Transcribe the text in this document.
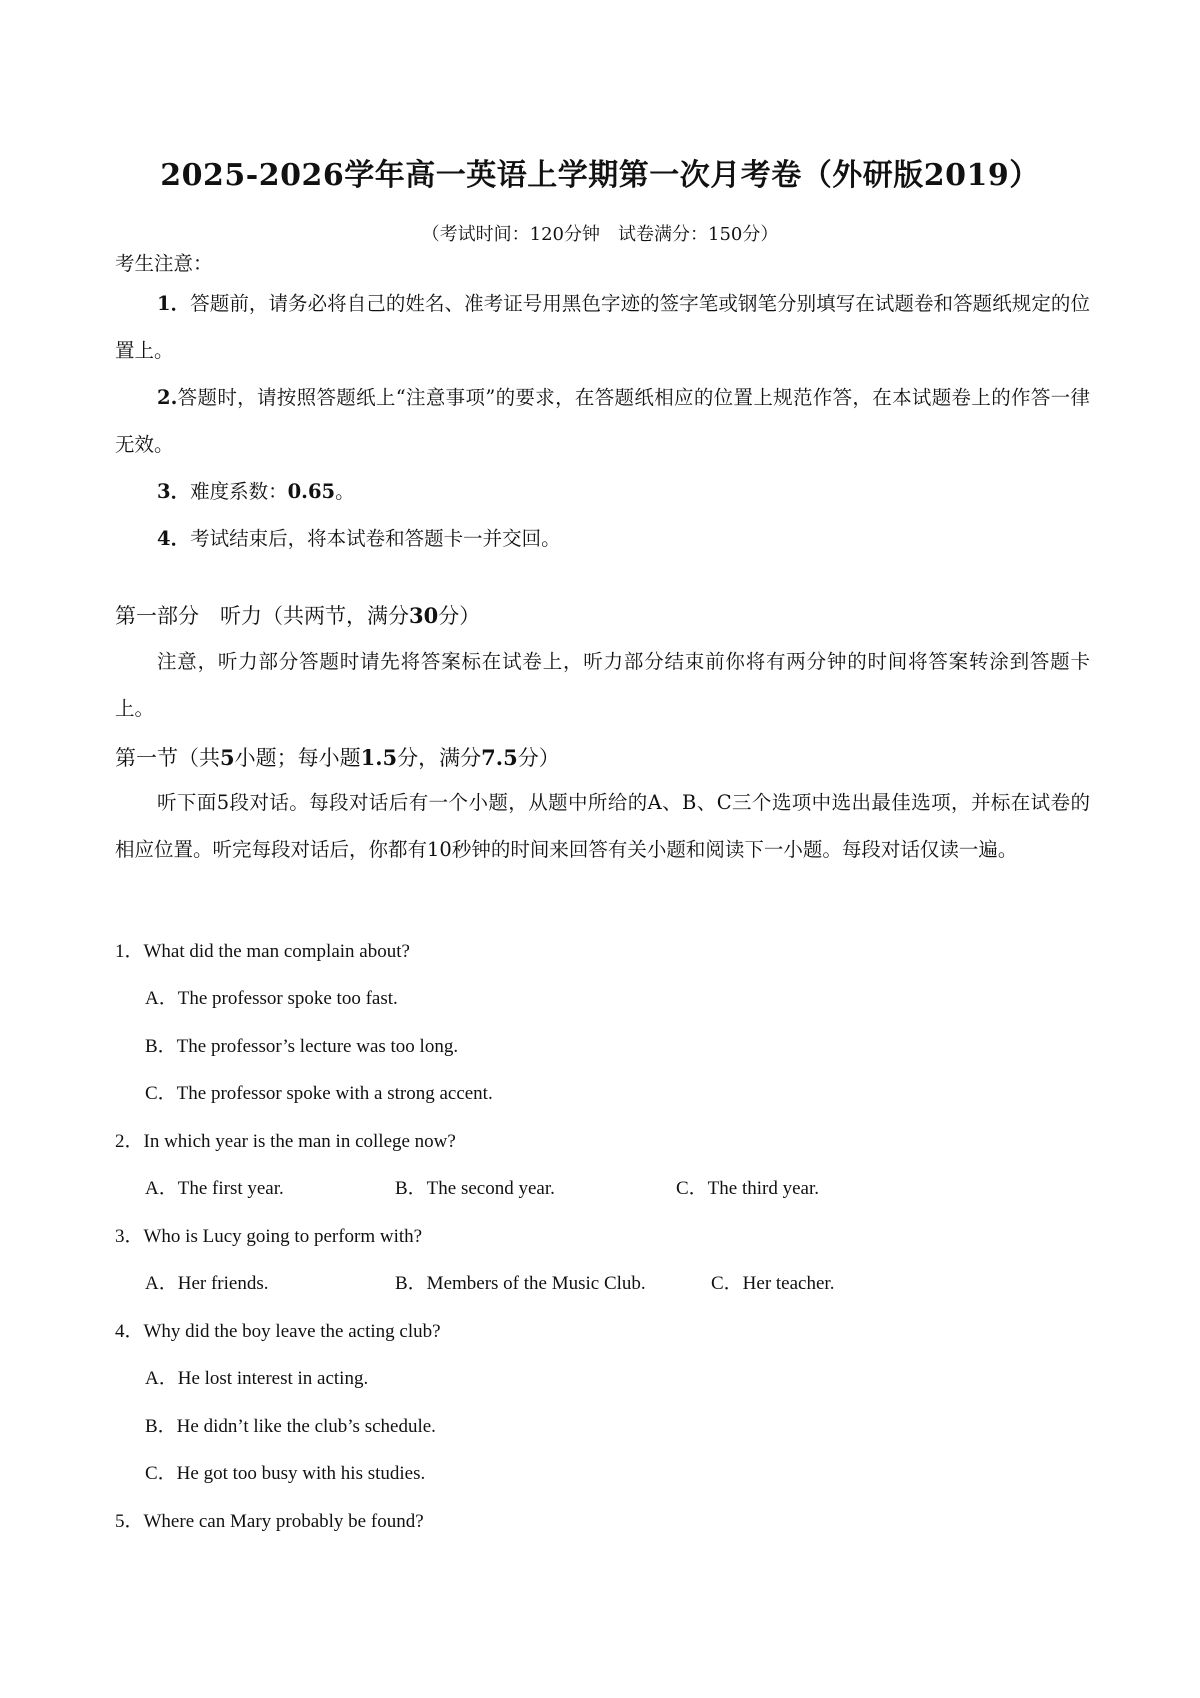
2025-2026学年高一英语上学期第一次月考卷（外研版2019）
（考试时间：120分钟　试卷满分：150分）
考生注意：
1．答题前，请务必将自己的姓名、准考证号用黑色字迹的签字笔或钢笔分别填写在试题卷和答题纸规定的位置上。
2.答题时，请按照答题纸上“注意事项”的要求，在答题纸相应的位置上规范作答，在本试题卷上的作答一律无效。
3．难度系数：0.65。
4．考试结束后，将本试卷和答题卡一并交回。
第一部分　听力（共两节，满分30分）
注意，听力部分答题时请先将答案标在试卷上，听力部分结束前你将有两分钟的时间将答案转涂到答题卡上。
第一节（共5小题；每小题1.5分，满分7.5分）
听下面5段对话。每段对话后有一个小题，从题中所给的A、B、C三个选项中选出最佳选项，并标在试卷的相应位置。听完每段对话后，你都有10秒钟的时间来回答有关小题和阅读下一小题。每段对话仅读一遍。
1．What did the man complain about?
A．The professor spoke too fast.
B．The professor’s lecture was too long.
C．The professor spoke with a strong accent.
2．In which year is the man in college now?
A．The first year.	B．The second year.	C．The third year.
3．Who is Lucy going to perform with?
A．Her friends.	B．Members of the Music Club.	C．Her teacher.
4．Why did the boy leave the acting club?
A．He lost interest in acting.
B．He didn’t like the club’s schedule.
C．He got too busy with his studies.
5．Where can Mary probably be found?
